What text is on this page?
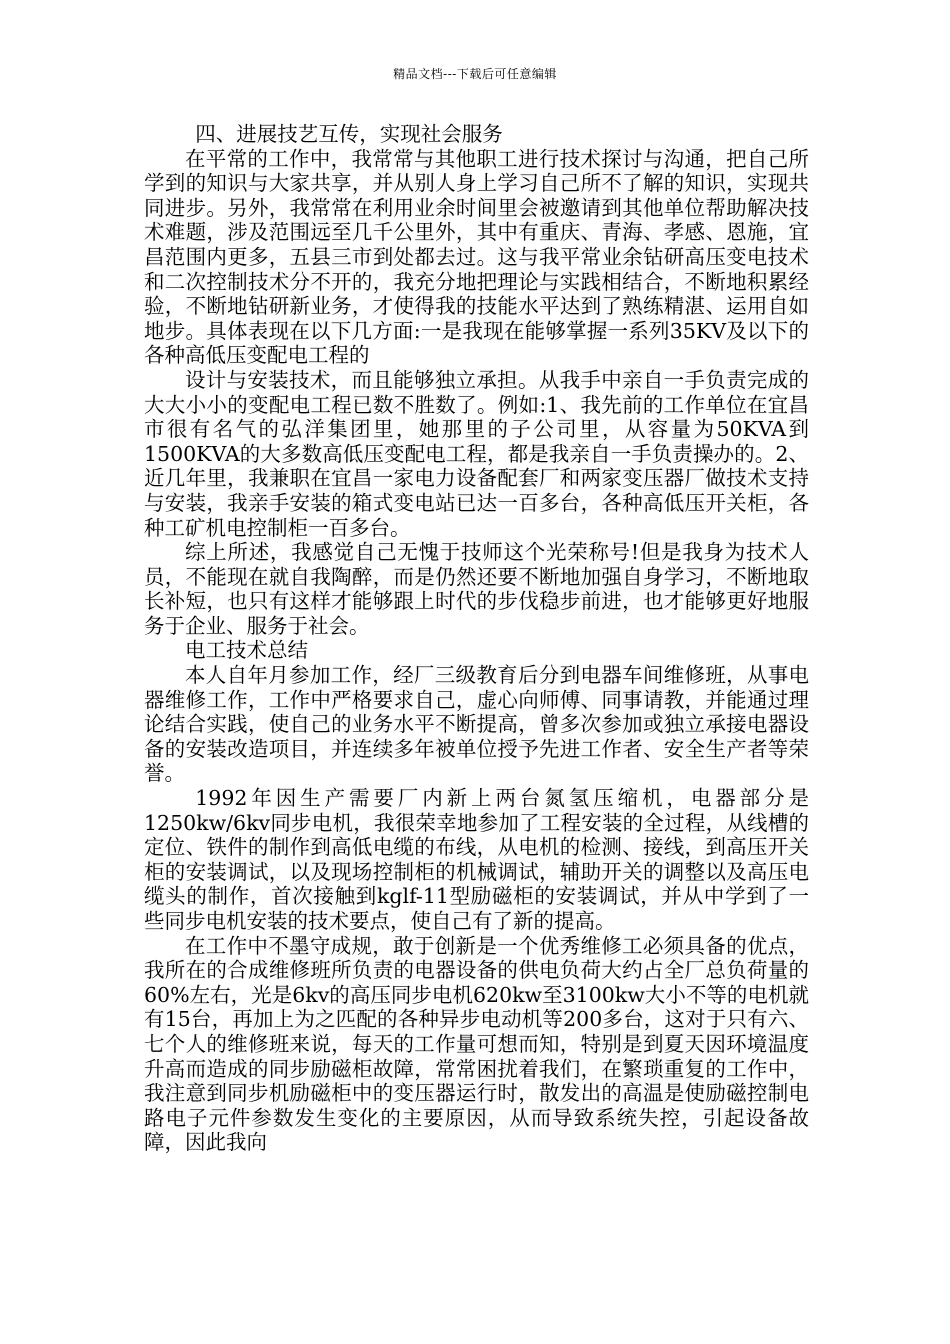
精品文档---下载后可任意编辑

四、进展技艺互传，实现社会服务

在平常的工作中，我常常与其他职工进行技术探讨与沟通，把自己所学到的知识与大家共享，并从别人身上学习自己所不了解的知识，实现共同进步。另外，我常常在利用业余时间里会被邀请到其他单位帮助解决技术难题，涉及范围远至几千公里外，其中有重庆、青海、孝感、恩施，宜昌范围内更多，五县三市到处都去过。这与我平常业余钻研高压变电技术和二次控制技术分不开的，我充分地把理论与实践相结合，不断地积累经验，不断地钻研新业务，才使得我的技能水平达到了熟练精湛、运用自如地步。具体表现在以下几方面:一是我现在能够掌握一系列35KV及以下的各种高低压变配电工程的

设计与安装技术，而且能够独立承担。从我手中亲自一手负责完成的大大小小的变配电工程已数不胜数了。例如:1、我先前的工作单位在宜昌市很有名气的弘洋集团里，她那里的子公司里，从容量为50KVA到1500KVA的大多数高低压变配电工程，都是我亲自一手负责操办的。2、近几年里，我兼职在宜昌一家电力设备配套厂和两家变压器厂做技术支持与安装，我亲手安装的箱式变电站已达一百多台，各种高低压开关柜，各种工矿机电控制柜一百多台。

综上所述，我感觉自己无愧于技师这个光荣称号!但是我身为技术人员，不能现在就自我陶醉，而是仍然还要不断地加强自身学习，不断地取长补短，也只有这样才能够跟上时代的步伐稳步前进，也才能够更好地服务于企业、服务于社会。

电工技术总结

本人自年月参加工作，经厂三级教育后分到电器车间维修班，从事电器维修工作，工作中严格要求自己，虚心向师傅、同事请教，并能通过理论结合实践，使自己的业务水平不断提高，曾多次参加或独立承接电器设备的安装改造项目，并连续多年被单位授予先进工作者、安全生产者等荣誉。

1992年因生产需要厂内新上两台氮氢压缩机，电器部分是1250kw/6kv同步电机，我很荣幸地参加了工程安装的全过程，从线槽的定位、铁件的制作到高低电缆的布线，从电机的检测、接线，到高压开关柜的安装调试，以及现场控制柜的机械调试，辅助开关的调整以及高压电缆头的制作，首次接触到kglf-11型励磁柜的安装调试，并从中学到了一些同步电机安装的技术要点，使自己有了新的提高。

在工作中不墨守成规，敢于创新是一个优秀维修工必须具备的优点，我所在的合成维修班所负责的电器设备的供电负荷大约占全厂总负荷量的60%左右，光是6kv的高压同步电机620kw至3100kw大小不等的电机就有15台，再加上为之匹配的各种异步电动机等200多台，这对于只有六、七个人的维修班来说，每天的工作量可想而知，特别是到夏天因环境温度升高而造成的同步励磁柜故障，常常困扰着我们，在繁琐重复的工作中，我注意到同步机励磁柜中的变压器运行时，散发出的高温是使励磁控制电路电子元件参数发生变化的主要原因，从而导致系统失控，引起设备故障，因此我向
